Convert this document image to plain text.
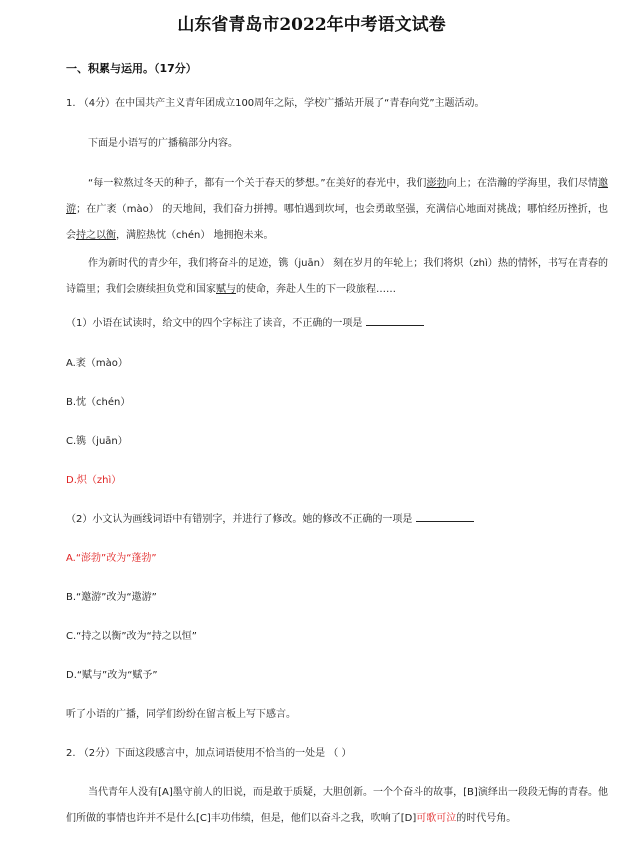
山东省青岛市2022年中考语文试卷
一、积累与运用。（17分）
1. （4分）在中国共产主义青年团成立100周年之际，学校广播站开展了“青春向党”主题活动。
下面是小语写的广播稿部分内容。
“每一粒熬过冬天的种子，都有一个关于春天的梦想。”在美好的春光中，我们澎勃向上；在浩瀚的学海里，我们尽情邀游；在广袤（mào） 的天地间，我们奋力拼搏。哪怕遇到坎坷，也会勇敢坚强，充满信心地面对挑战；哪怕经历挫折，也会持之以衡，满腔热忱（chén） 地拥抱未来。
作为新时代的青少年，我们将奋斗的足迹，镌（juān） 刻在岁月的年轮上；我们将炽（zhì）热的情怀，书写在青春的诗篇里；我们会赓续担负党和国家赋与的使命，奔赴人生的下一段旅程……
（1）小语在试读时，给文中的四个字标注了读音，不正确的一项是
A.袤（mào）
B.忱（chén）
C.镌（juān）
D.炽（zhì）
（2）小文认为画线词语中有错别字，并进行了修改。她的修改不正确的一项是
A.“澎勃”改为“蓬勃”
B.“邀游”改为“遨游”
C.“持之以衡”改为“持之以恒”
D.“赋与”改为“赋予”
听了小语的广播，同学们纷纷在留言板上写下感言。
2. （2分）下面这段感言中，加点词语使用不恰当的一处是 （ ）
当代青年人没有[A]墨守前人的旧说，而是敢于质疑，大胆创新。一个个奋斗的故事，[B]演绎出一段段无悔的青春。他们所做的事情也许并不是什么[C]丰功伟绩，但是，他们以奋斗之我，吹响了[D]可歌可泣的时代号角。
